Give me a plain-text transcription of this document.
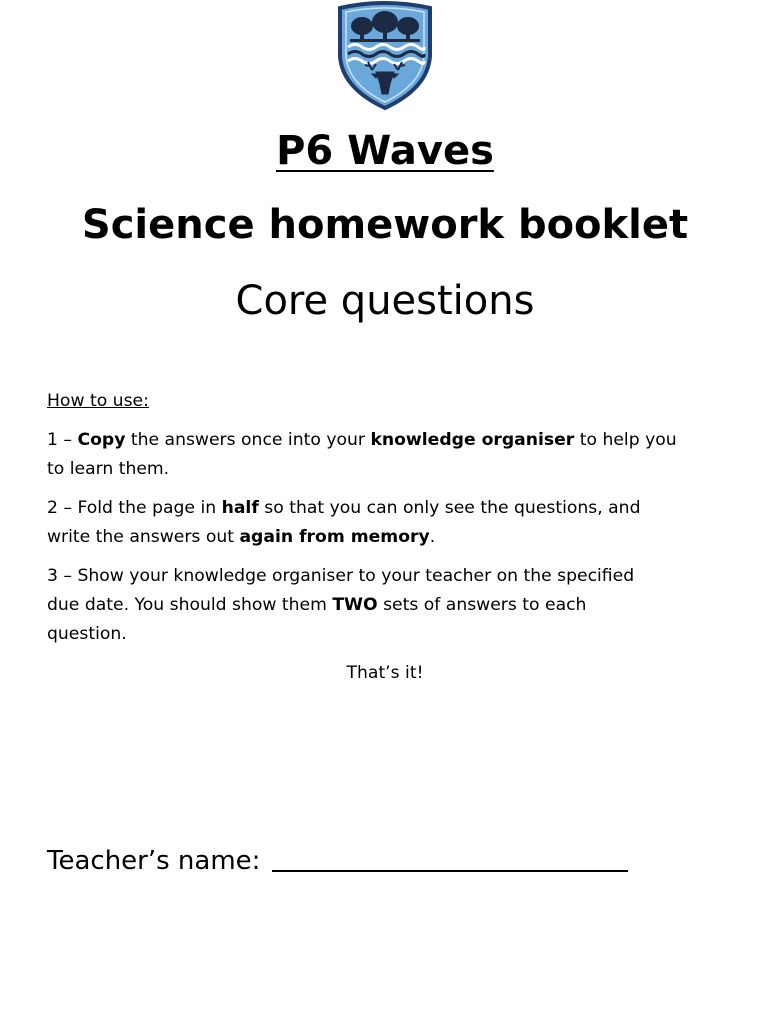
P6 Waves
Science homework booklet
Core questions
How to use:
1 – Copy the answers once into your knowledge organiser to help you
to learn them.
2 – Fold the page in half so that you can only see the questions, and
write the answers out again from memory.
3 – Show your knowledge organiser to your teacher on the specified
due date. You should show them TWO sets of answers to each
question.
That’s it!
Teacher’s name:
